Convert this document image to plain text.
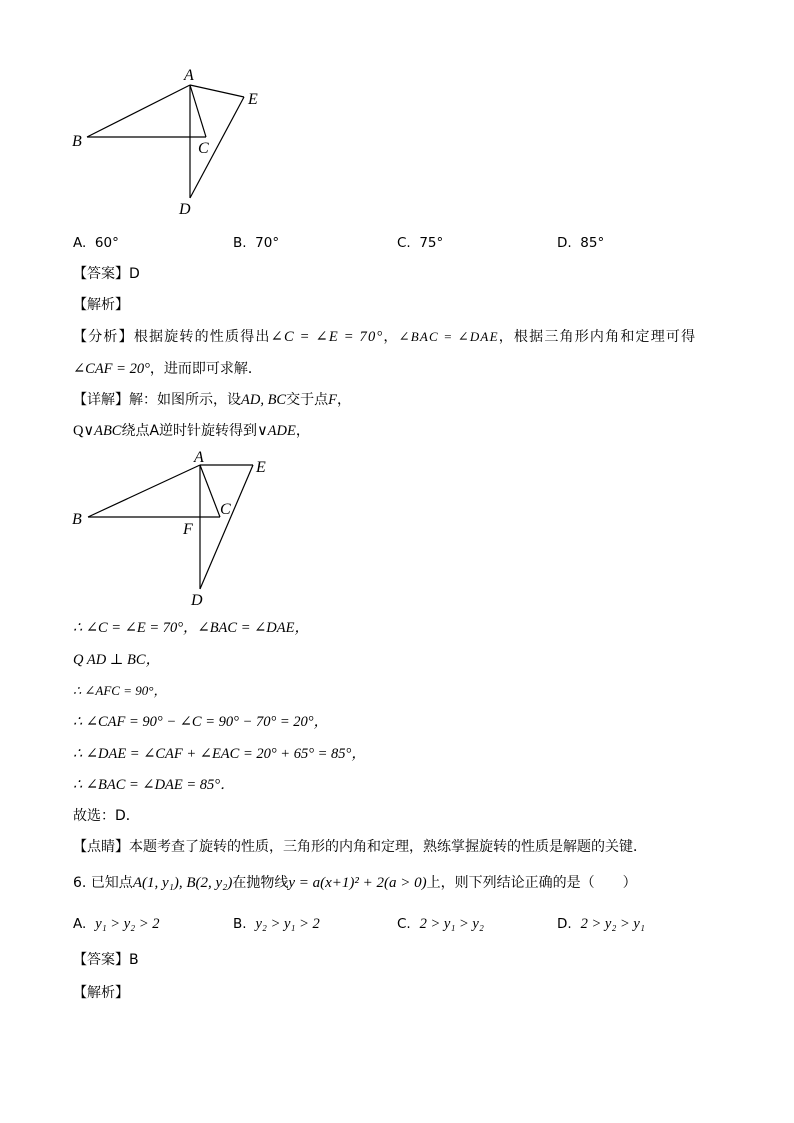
A
B	C
D
E
A. 60°	B. 70°	C. 75°	D. 85°
【答案】D
【解析】
【分析】根据旋转的性质得出∠C = ∠E = 70°，∠BAC = ∠DAE，根据三角形内角和定理可得
∠CAF = 20°，进而即可求解．
【详解】解：如图所示，设AD, BC交于点F，
Q∨ABC绕点A逆时针旋转得到∨ADE，
A
B
C
D
E
F
∴ ∠C = ∠E = 70°，∠BAC = ∠DAE，
Q AD ⊥ BC，
∴ ∠AFC = 90°，
∴ ∠CAF = 90° − ∠C = 90° − 70° = 20°，
∴ ∠DAE = ∠CAF + ∠EAC = 20° + 65° = 85°，
∴ ∠BAC = ∠DAE = 85°．
故选：D．
【点睛】本题考查了旋转的性质，三角形的内角和定理，熟练掌握旋转的性质是解题的关键．
6. 已知点A(1, y₁), B(2, y₂)在抛物线y = a(x+1)² + 2(a > 0)上，则下列结论正确的是（　　）
A. y₁ > y₂ > 2	B. y₂ > y₁ > 2	C. 2 > y₁ > y₂	D. 2 > y₂ > y₁
【答案】B
【解析】
